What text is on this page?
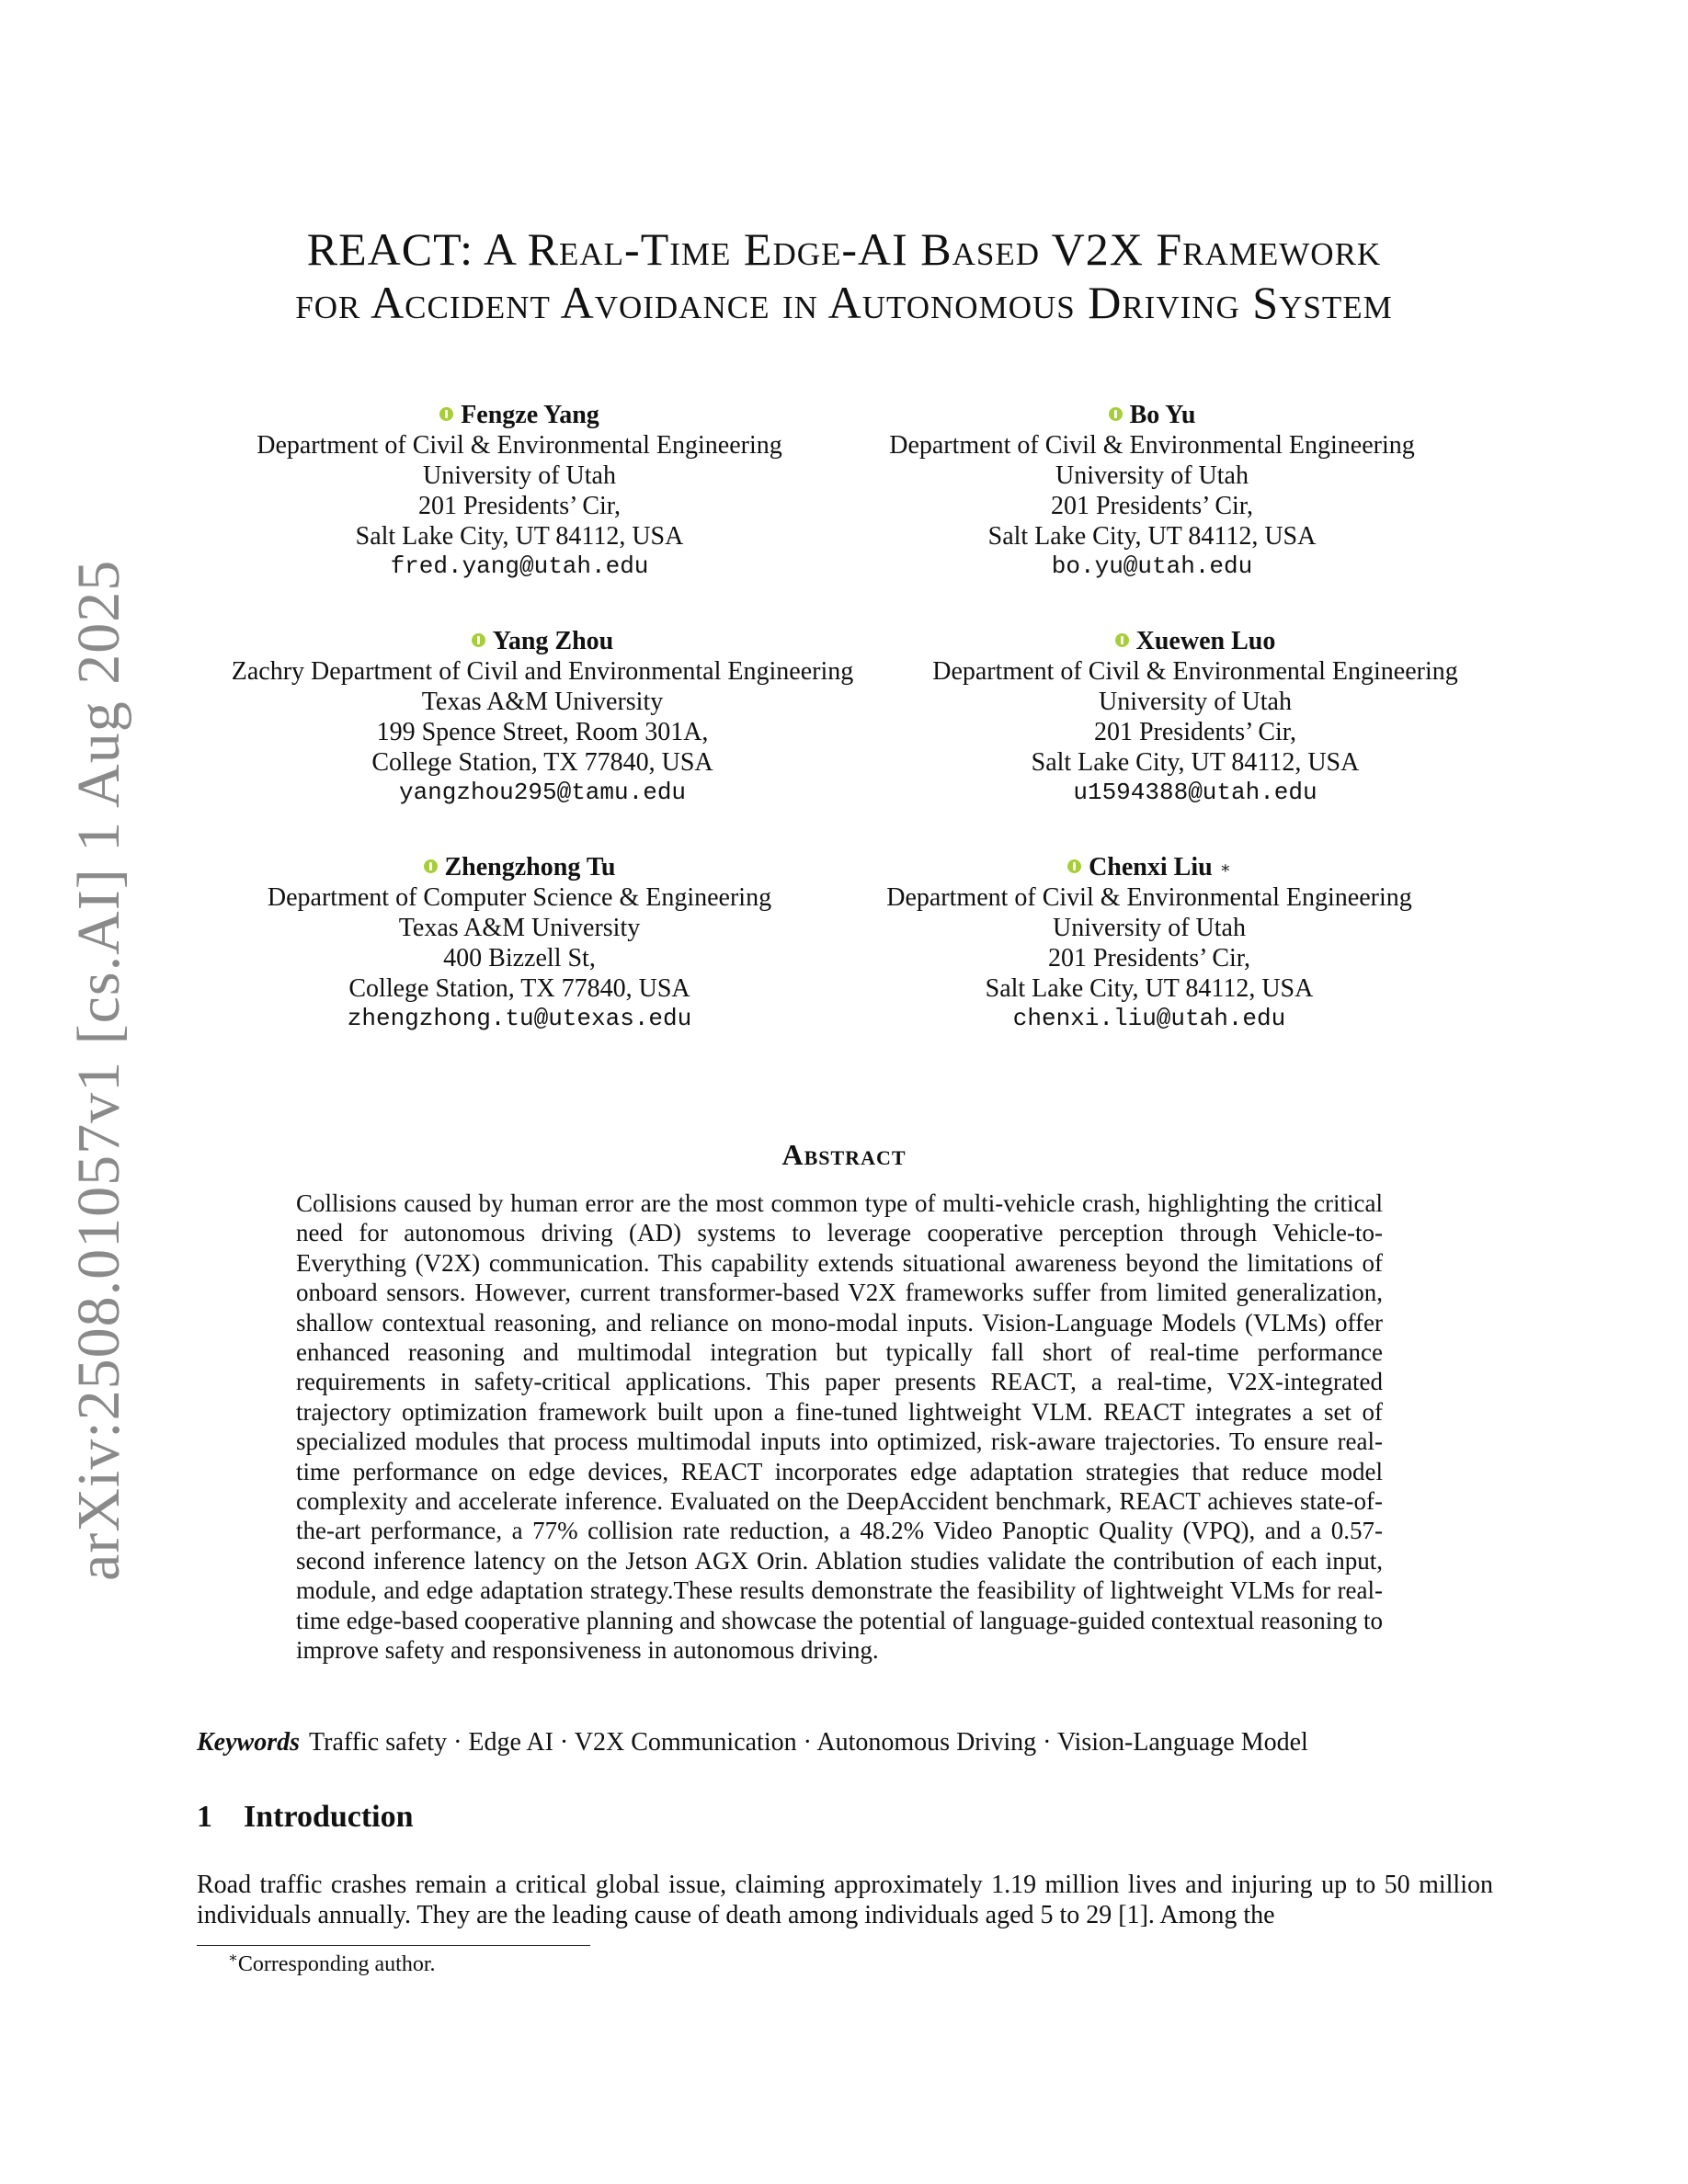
arXiv:2508.01057v1 [cs.AI] 1 Aug 2025
REACT: A Real-Time Edge-AI Based V2X Framework
for Accident Avoidance in Autonomous Driving System
Fengze Yang
Department of Civil & Environmental Engineering
University of Utah
201 Presidents’ Cir,
Salt Lake City, UT 84112, USA
fred.yang@utah.edu
Bo Yu
Department of Civil & Environmental Engineering
University of Utah
201 Presidents’ Cir,
Salt Lake City, UT 84112, USA
bo.yu@utah.edu
Yang Zhou
Zachry Department of Civil and Environmental Engineering
Texas A&M University
199 Spence Street, Room 301A,
College Station, TX 77840, USA
yangzhou295@tamu.edu
Xuewen Luo
Department of Civil & Environmental Engineering
University of Utah
201 Presidents’ Cir,
Salt Lake City, UT 84112, USA
u1594388@utah.edu
Zhengzhong Tu
Department of Computer Science & Engineering
Texas A&M University
400 Bizzell St,
College Station, TX 77840, USA
zhengzhong.tu@utexas.edu
Chenxi Liu ∗
Department of Civil & Environmental Engineering
University of Utah
201 Presidents’ Cir,
Salt Lake City, UT 84112, USA
chenxi.liu@utah.edu
Abstract
Collisions caused by human error are the most common type of multi-vehicle crash, highlighting the critical need for autonomous driving (AD) systems to leverage cooperative perception through Vehicle-to-Everything (V2X) communication. This capability extends situational awareness beyond the limitations of onboard sensors. However, current transformer-based V2X frameworks suffer from limited generalization, shallow contextual reasoning, and reliance on mono-modal inputs. Vision-Language Models (VLMs) offer enhanced reasoning and multimodal integration but typically fall short of real-time performance requirements in safety-critical applications. This paper presents REACT, a real-time, V2X-integrated trajectory optimization framework built upon a fine-tuned lightweight VLM. REACT integrates a set of specialized modules that process multimodal inputs into optimized, risk-aware trajectories. To ensure real-time performance on edge devices, REACT incorporates edge adaptation strategies that reduce model complexity and accelerate inference. Evaluated on the DeepAccident benchmark, REACT achieves state-of-the-art performance, a 77% collision rate reduction, a 48.2% Video Panoptic Quality (VPQ), and a 0.57-second inference latency on the Jetson AGX Orin. Ablation studies validate the contribution of each input, module, and edge adaptation strategy.These results demonstrate the feasibility of lightweight VLMs for real-time edge-based cooperative planning and showcase the potential of language-guided contextual reasoning to improve safety and responsiveness in autonomous driving.
Keywords Traffic safety · Edge AI · V2X Communication · Autonomous Driving · Vision-Language Model
1 Introduction
Road traffic crashes remain a critical global issue, claiming approximately 1.19 million lives and injuring up to 50 million individuals annually. They are the leading cause of death among individuals aged 5 to 29 [1]. Among the
∗Corresponding author.
